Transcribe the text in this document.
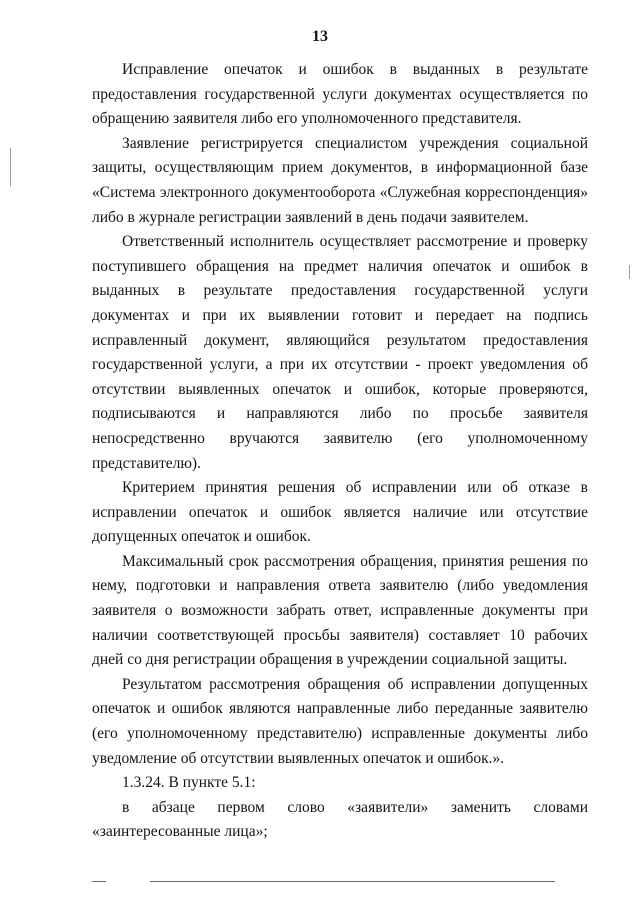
13

Исправление опечаток и ошибок в выданных в результате предоставления государственной услуги документах осуществляется по обращению заявителя либо его уполномоченного представителя.

Заявление регистрируется специалистом учреждения социальной защиты, осуществляющим прием документов, в информационной базе «Система электронного документооборота «Служебная корреспонденция» либо в журнале регистрации заявлений в день подачи заявителем.

Ответственный исполнитель осуществляет рассмотрение и проверку поступившего обращения на предмет наличия опечаток и ошибок в выданных в результате предоставления государственной услуги документах и при их выявлении готовит и передает на подпись исправленный документ, являющийся результатом предоставления государственной услуги, а при их отсутствии - проект уведомления об отсутствии выявленных опечаток и ошибок, которые проверяются, подписываются и направляются либо по просьбе заявителя непосредственно вручаются заявителю (его уполномоченному представителю).

Критерием принятия решения об исправлении или об отказе в исправлении опечаток и ошибок является наличие или отсутствие допущенных опечаток и ошибок.

Максимальный срок рассмотрения обращения, принятия решения по нему, подготовки и направления ответа заявителю (либо уведомления заявителя о возможности забрать ответ, исправленные документы при наличии соответствующей просьбы заявителя) составляет 10 рабочих дней со дня регистрации обращения в учреждении социальной защиты.

Результатом рассмотрения обращения об исправлении допущенных опечаток и ошибок являются направленные либо переданные заявителю (его уполномоченному представителю) исправленные документы либо уведомление об отсутствии выявленных опечаток и ошибок.».

1.3.24. В пункте 5.1:

в абзаце первом слово «заявители» заменить словами «заинтересованные лица»;
